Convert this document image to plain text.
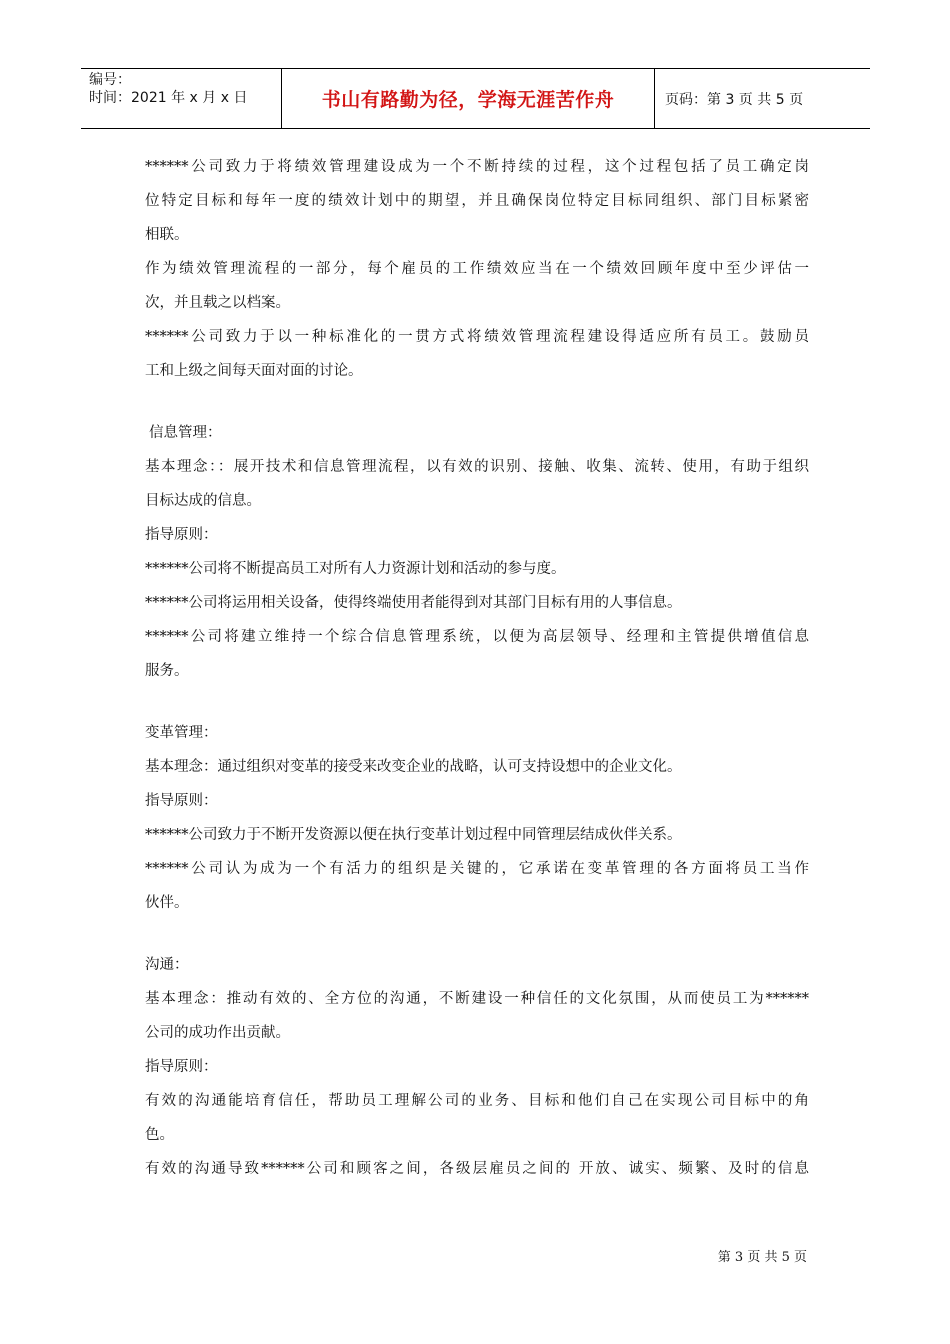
编号：
时间：2021 年 x 月 x 日	书山有路勤为径，学海无涯苦作舟	页码：第 3 页 共 5 页
******公司致力于将绩效管理建设成为一个不断持续的过程，这个过程包括了员工确定岗
位特定目标和每年一度的绩效计划中的期望，并且确保岗位特定目标同组织、部门目标紧密
相联。
作为绩效管理流程的一部分，每个雇员的工作绩效应当在一个绩效回顾年度中至少评估一
次，并且载之以档案。
******公司致力于以一种标准化的一贯方式将绩效管理流程建设得适应所有员工。鼓励员
工和上级之间每天面对面的讨论。
信息管理：
基本理念：：展开技术和信息管理流程，以有效的识别、接触、收集、流转、使用，有助于组织
目标达成的信息。
指导原则：
******公司将不断提高员工对所有人力资源计划和活动的参与度。
******公司将运用相关设备，使得终端使用者能得到对其部门目标有用的人事信息。
******公司将建立维持一个综合信息管理系统，以便为高层领导、经理和主管提供增值信息
服务。
变革管理：
基本理念：通过组织对变革的接受来改变企业的战略，认可支持设想中的企业文化。
指导原则：
******公司致力于不断开发资源以便在执行变革计划过程中同管理层结成伙伴关系。
******公司认为成为一个有活力的组织是关键的，它承诺在变革管理的各方面将员工当作
伙伴。
沟通：
基本理念：推动有效的、全方位的沟通，不断建设一种信任的文化氛围，从而使员工为******
公司的成功作出贡献。
指导原则：
有效的沟通能培育信任，帮助员工理解公司的业务、目标和他们自己在实现公司目标中的角
色。
有效的沟通导致******公司和顾客之间，各级层雇员之间的 开放、诚实、频繁、及时的信息
第 3 页 共 5 页
